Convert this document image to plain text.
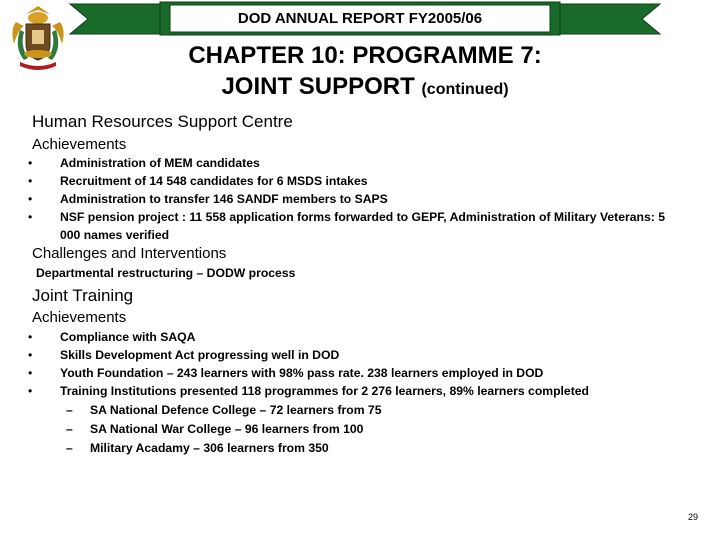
DOD ANNUAL REPORT FY2005/06
CHAPTER 10: PROGRAMME 7:
JOINT SUPPORT (continued)
Human Resources Support Centre
Achievements
• Administration of MEM candidates
• Recruitment of 14 548 candidates for 6 MSDS intakes
• Administration to transfer 146 SANDF members to SAPS
• NSF pension project : 11 558 application forms forwarded to GEPF, Administration of Military Veterans: 5 000 names verified
Challenges and Interventions
Departmental restructuring – DODW process
Joint Training
Achievements
• Compliance with SAQA
• Skills Development Act progressing well in DOD
• Youth Foundation – 243 learners with 98% pass rate. 238 learners employed in DOD
• Training Institutions presented 118 programmes for 2 276 learners, 89% learners completed
– SA National Defence College – 72 learners from 75
– SA National War College – 96 learners from 100
– Military Acadamy – 306 learners from 350
29
